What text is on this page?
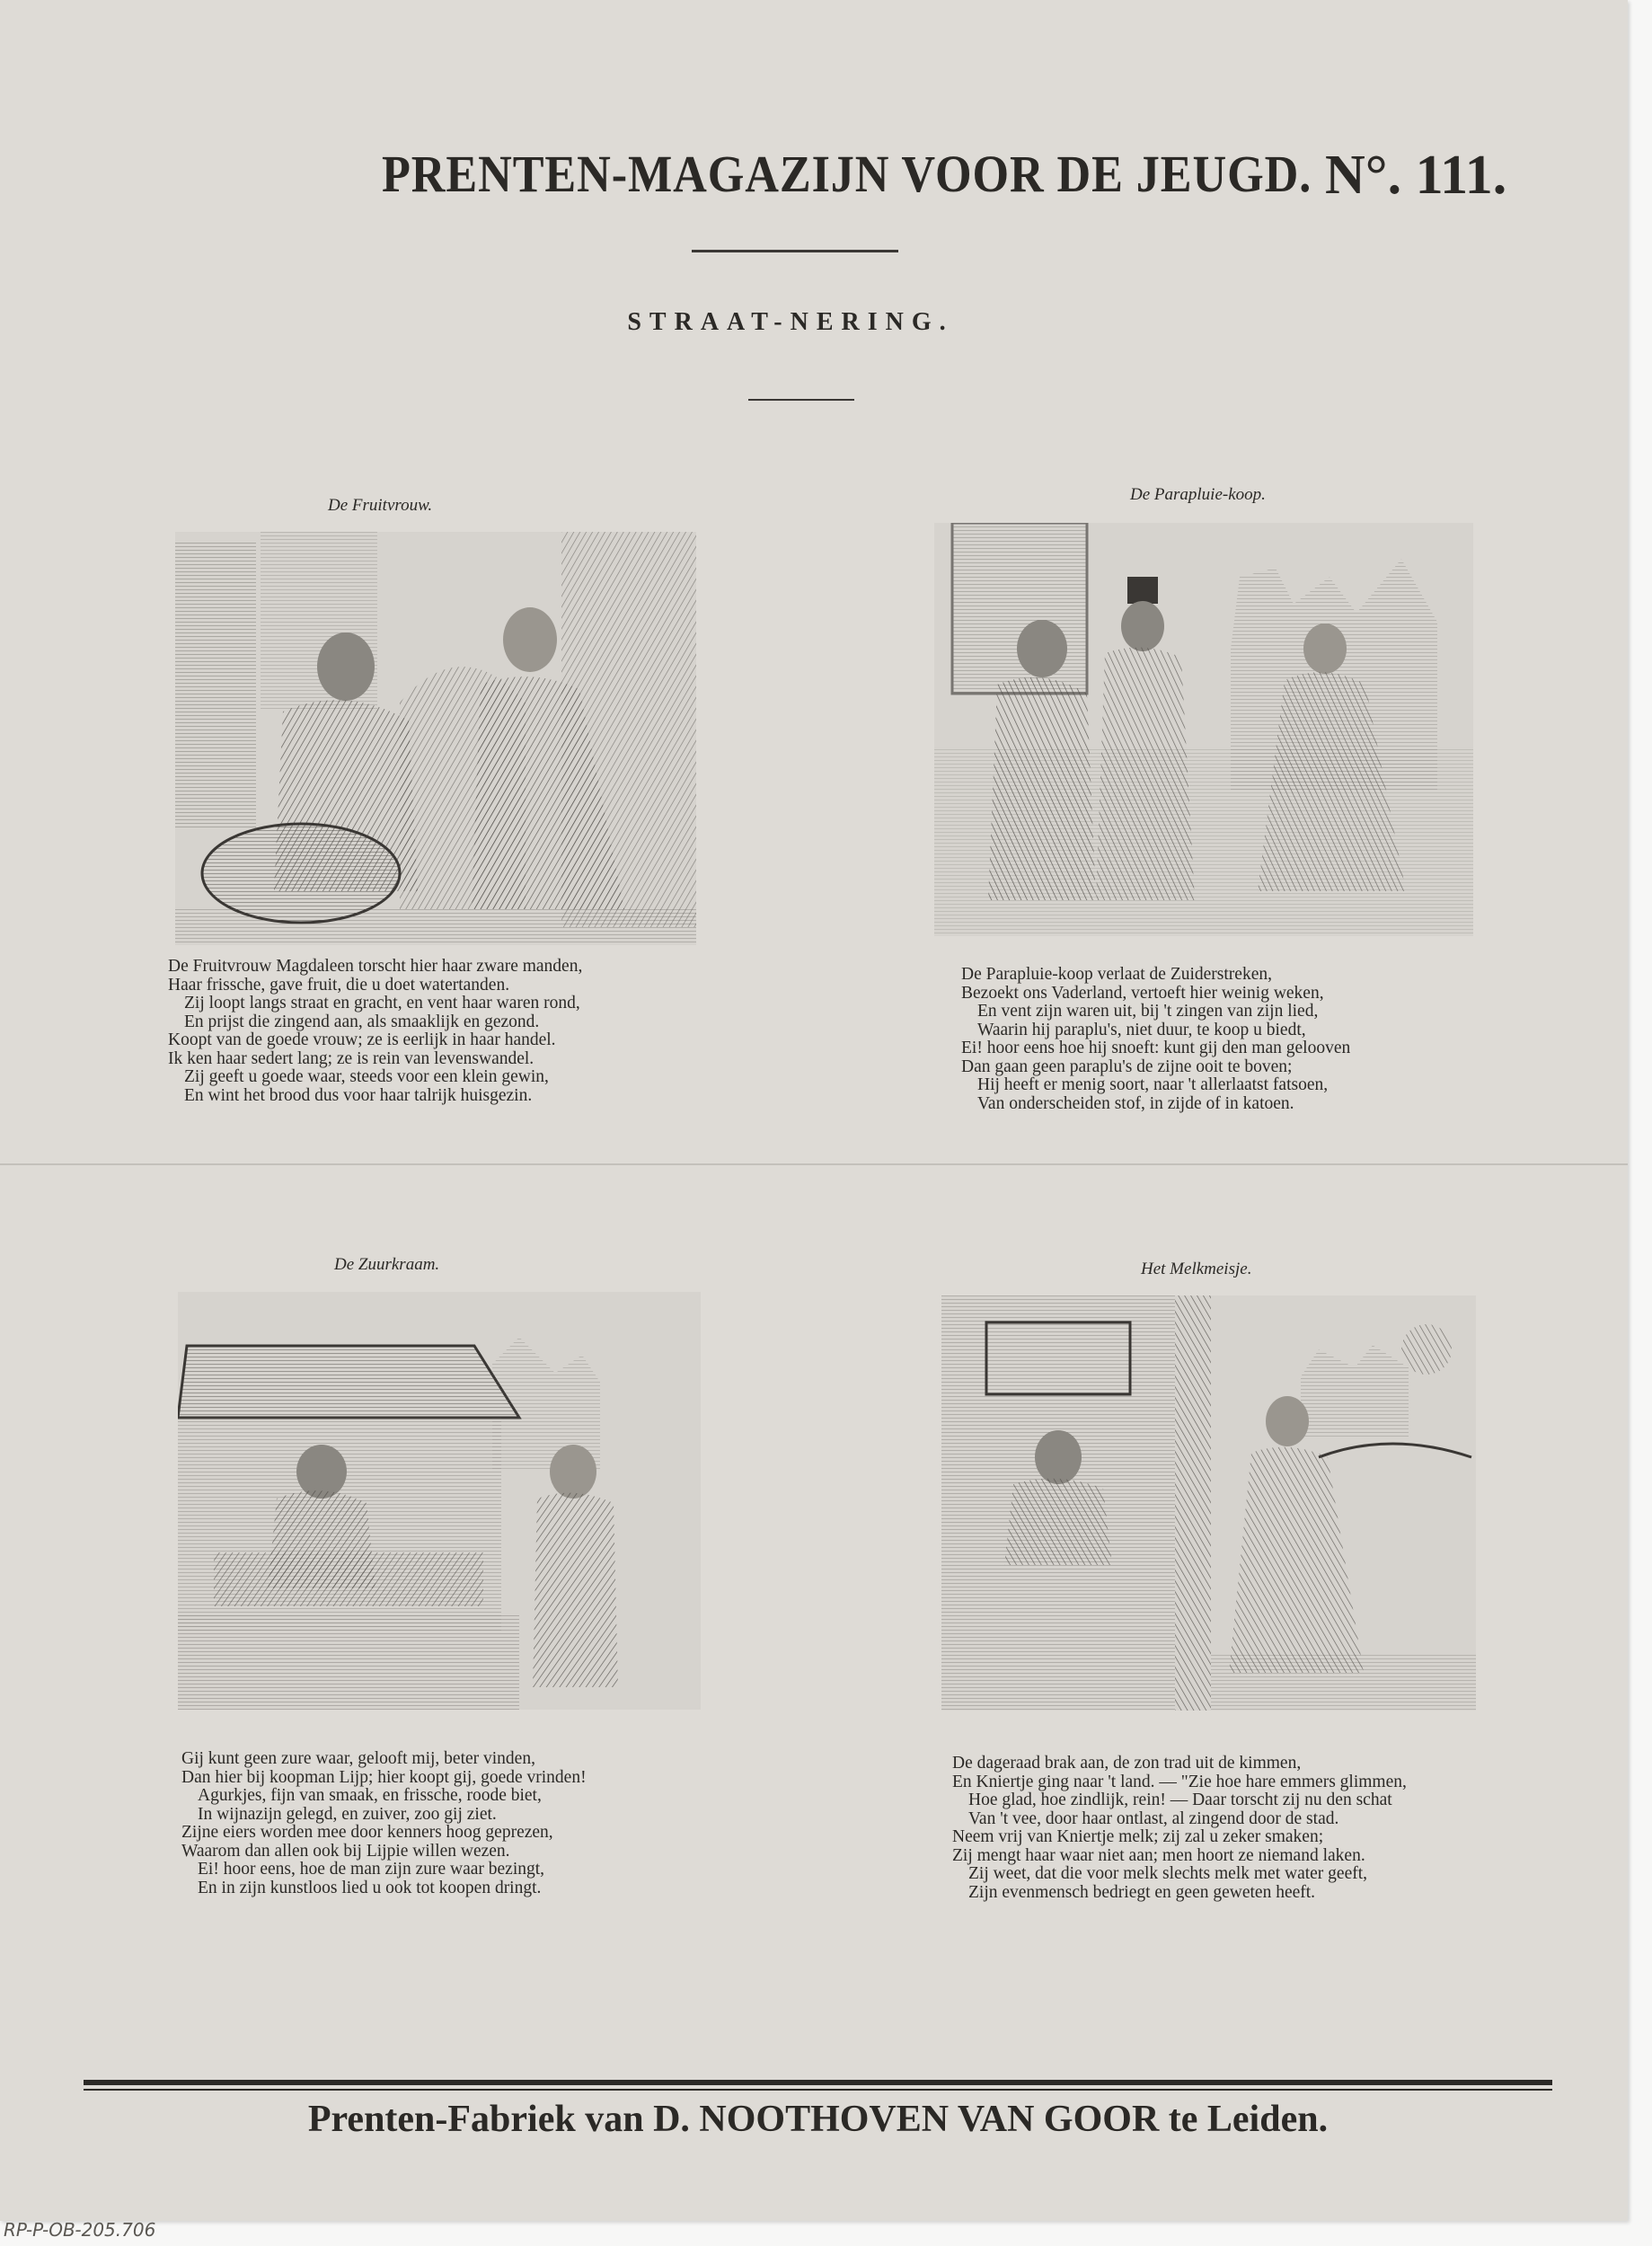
PRENTEN-MAGAZIJN VOOR DE JEUGD. N°. 111.
STRAAT-NERING.
De Fruitvrouw.
De Fruitvrouw Magdaleen torscht hier haar zware manden,
Haar frissche, gave fruit, die u doet watertanden.
Zij loopt langs straat en gracht, en vent haar waren rond,
En prijst die zingend aan, als smaaklijk en gezond.
Koopt van de goede vrouw; ze is eerlijk in haar handel.
Ik ken haar sedert lang; ze is rein van levenswandel.
Zij geeft u goede waar, steeds voor een klein gewin,
En wint het brood dus voor haar talrijk huisgezin.
De Parapluie-koop.
De Parapluie-koop verlaat de Zuiderstreken,
Bezoekt ons Vaderland, vertoeft hier weinig weken,
En vent zijn waren uit, bij 't zingen van zijn lied,
Waarin hij paraplu's, niet duur, te koop u biedt,
Ei! hoor eens hoe hij snoeft: kunt gij den man gelooven
Dan gaan geen paraplu's de zijne ooit te boven;
Hij heeft er menig soort, naar 't allerlaatst fatsoen,
Van onderscheiden stof, in zijde of in katoen.
De Zuurkraam.
Gij kunt geen zure waar, gelooft mij, beter vinden,
Dan hier bij koopman Lijp; hier koopt gij, goede vrinden!
Agurkjes, fijn van smaak, en frissche, roode biet,
In wijnazijn gelegd, en zuiver, zoo gij ziet.
Zijne eiers worden mee door kenners hoog geprezen,
Waarom dan allen ook bij Lijpie willen wezen.
Ei! hoor eens, hoe de man zijn zure waar bezingt,
En in zijn kunstloos lied u ook tot koopen dringt.
Het Melkmeisje.
De dageraad brak aan, de zon trad uit de kimmen,
En Kniertje ging naar 't land. — "Zie hoe hare emmers glimmen,
Hoe glad, hoe zindlijk, rein! — Daar torscht zij nu den schat
Van 't vee, door haar ontlast, al zingend door de stad.
Neem vrij van Kniertje melk; zij zal u zeker smaken;
Zij mengt haar waar niet aan; men hoort ze niemand laken.
Zij weet, dat die voor melk slechts melk met water geeft,
Zijn evenmensch bedriegt en geen geweten heeft.
Prenten-Fabriek van D. NOOTHOVEN VAN GOOR te Leiden.
RP-P-OB-205.706
